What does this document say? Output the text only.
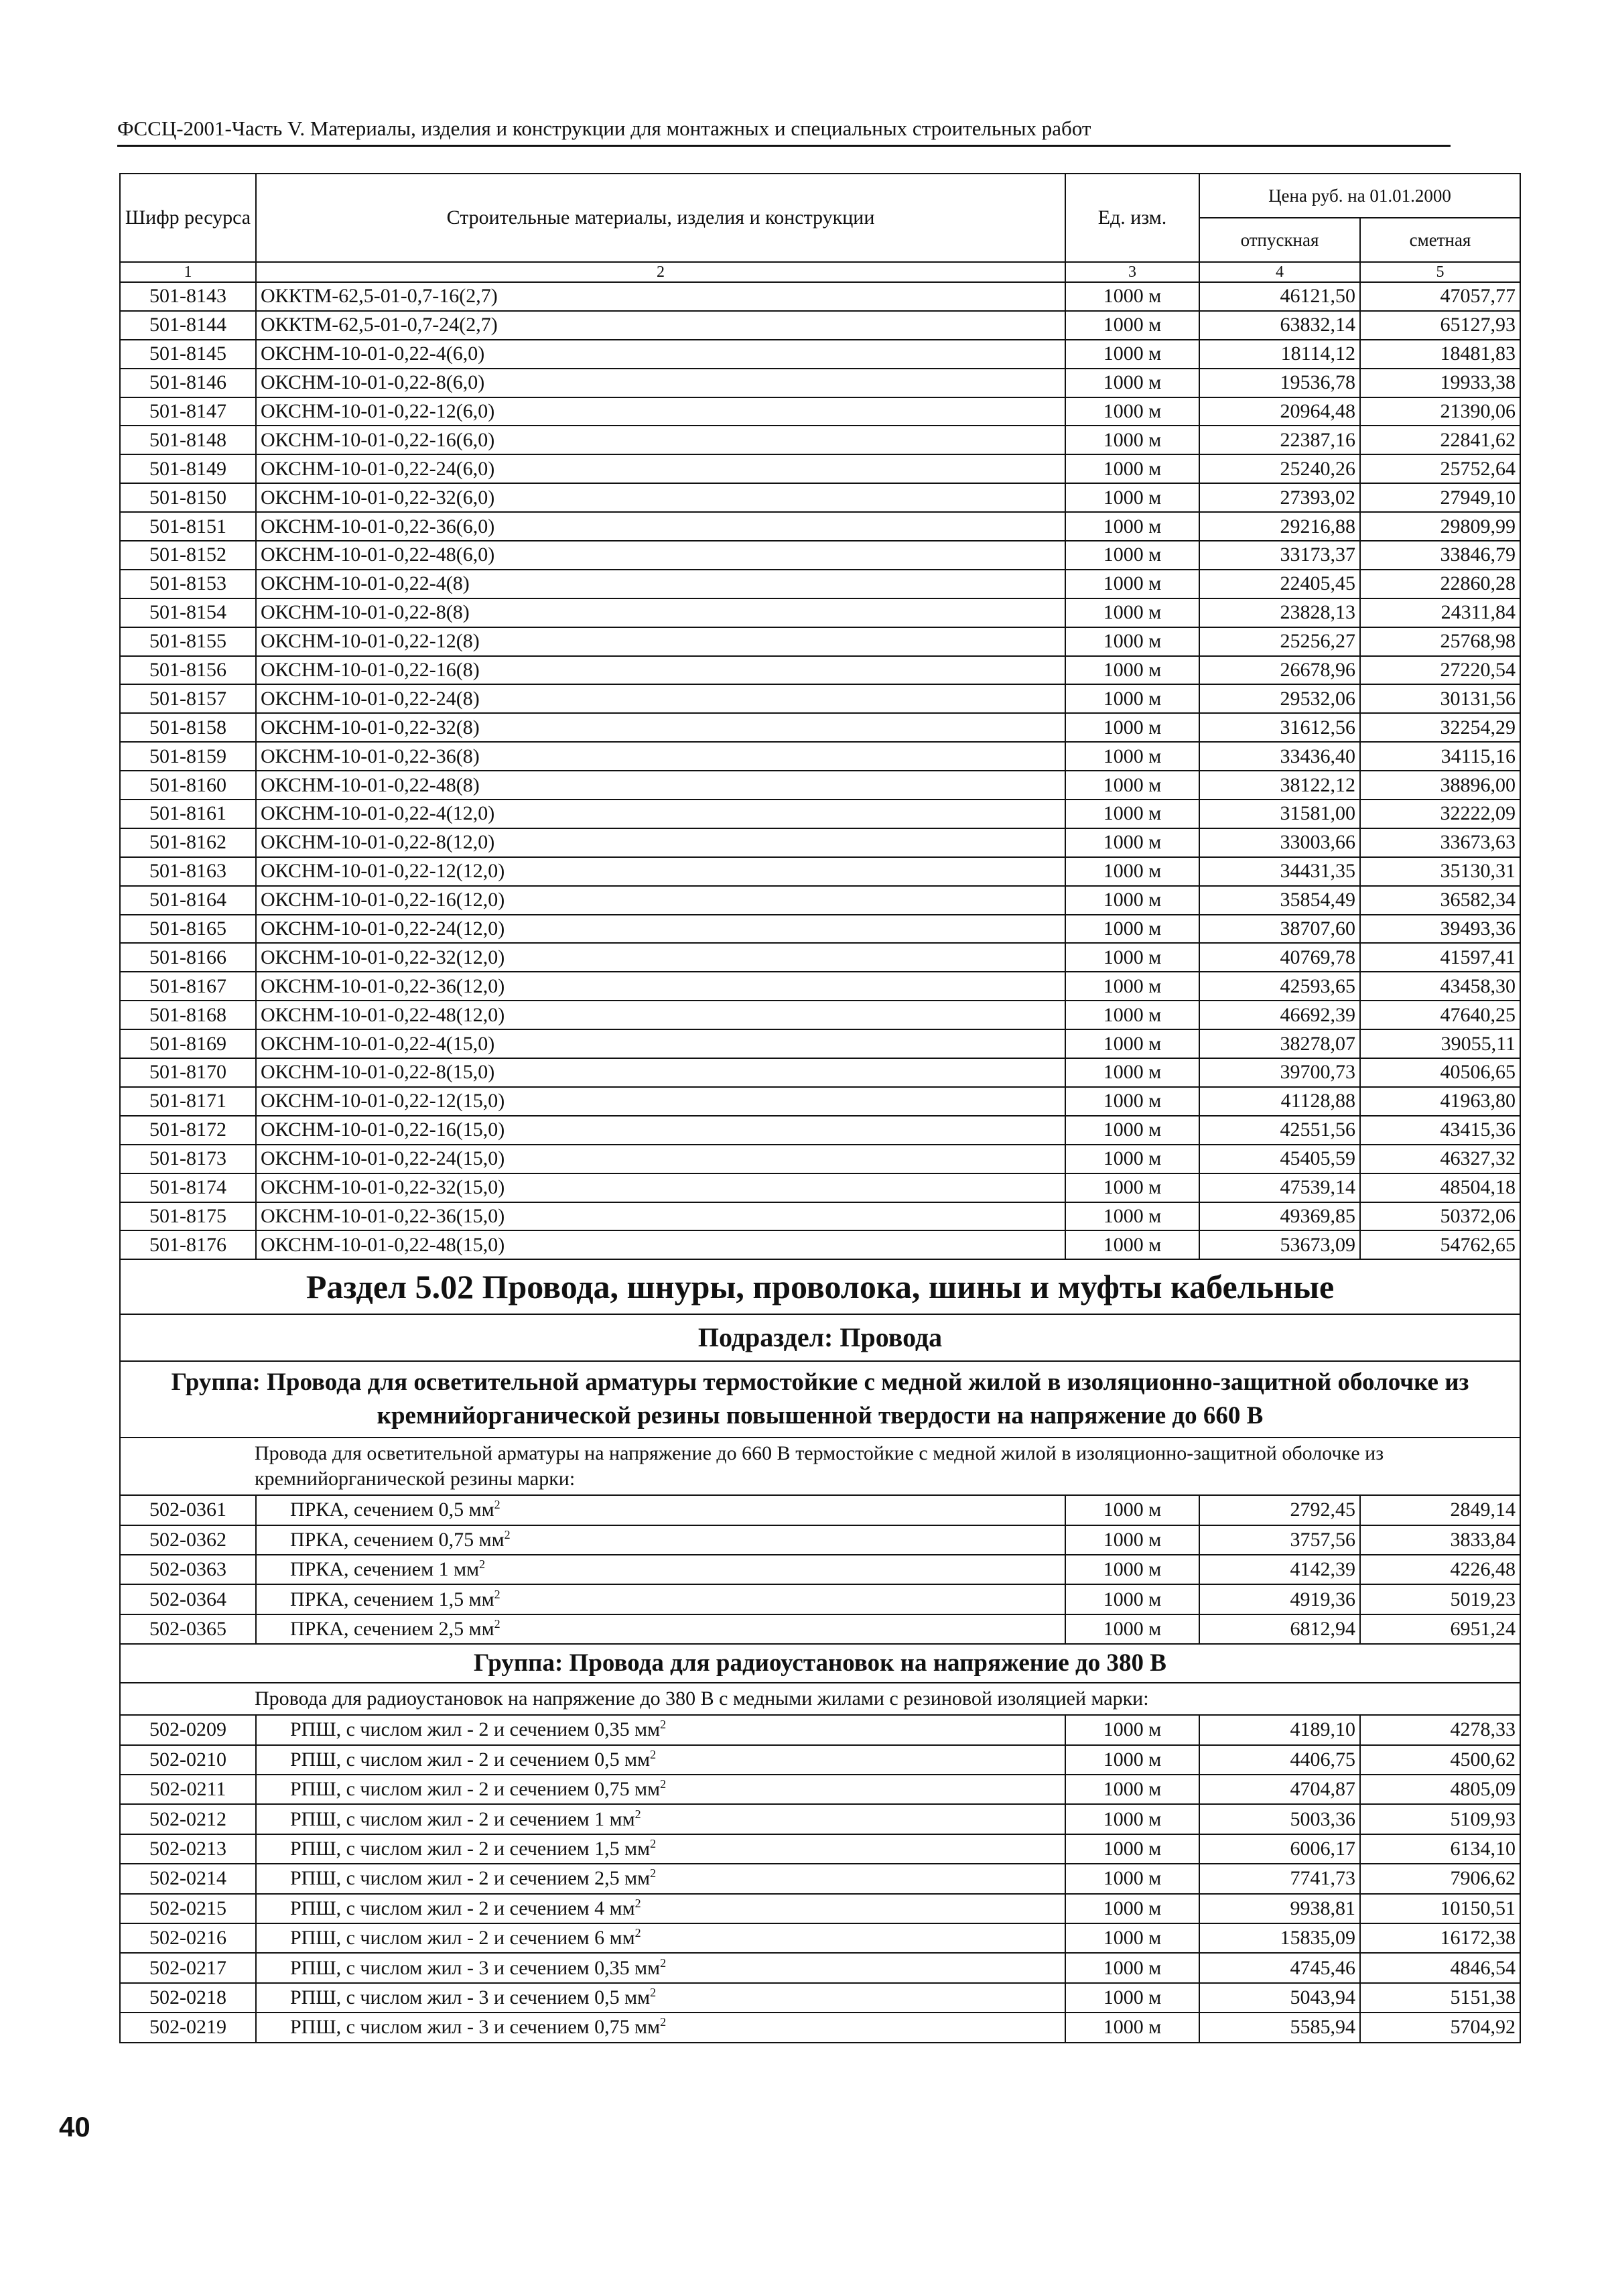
ФССЦ-2001-Часть V. Материалы, изделия и конструкции для монтажных и специальных строительных работ
Шифр ресурса	Строительные материалы, изделия и конструкции	Ед. изм.	Цена руб. на 01.01.2000	
			отпускная	сметная
1	2	3	4	5
501-8143	ОККТМ-62,5-01-0,7-16(2,7)	1000 м	46121,50	47057,77
501-8144	ОККТМ-62,5-01-0,7-24(2,7)	1000 м	63832,14	65127,93
501-8145	ОКСНМ-10-01-0,22-4(6,0)	1000 м	18114,12	18481,83
501-8146	ОКСНМ-10-01-0,22-8(6,0)	1000 м	19536,78	19933,38
501-8147	ОКСНМ-10-01-0,22-12(6,0)	1000 м	20964,48	21390,06
501-8148	ОКСНМ-10-01-0,22-16(6,0)	1000 м	22387,16	22841,62
501-8149	ОКСНМ-10-01-0,22-24(6,0)	1000 м	25240,26	25752,64
501-8150	ОКСНМ-10-01-0,22-32(6,0)	1000 м	27393,02	27949,10
501-8151	ОКСНМ-10-01-0,22-36(6,0)	1000 м	29216,88	29809,99
501-8152	ОКСНМ-10-01-0,22-48(6,0)	1000 м	33173,37	33846,79
501-8153	ОКСНМ-10-01-0,22-4(8)	1000 м	22405,45	22860,28
501-8154	ОКСНМ-10-01-0,22-8(8)	1000 м	23828,13	24311,84
501-8155	ОКСНМ-10-01-0,22-12(8)	1000 м	25256,27	25768,98
501-8156	ОКСНМ-10-01-0,22-16(8)	1000 м	26678,96	27220,54
501-8157	ОКСНМ-10-01-0,22-24(8)	1000 м	29532,06	30131,56
501-8158	ОКСНМ-10-01-0,22-32(8)	1000 м	31612,56	32254,29
501-8159	ОКСНМ-10-01-0,22-36(8)	1000 м	33436,40	34115,16
501-8160	ОКСНМ-10-01-0,22-48(8)	1000 м	38122,12	38896,00
501-8161	ОКСНМ-10-01-0,22-4(12,0)	1000 м	31581,00	32222,09
501-8162	ОКСНМ-10-01-0,22-8(12,0)	1000 м	33003,66	33673,63
501-8163	ОКСНМ-10-01-0,22-12(12,0)	1000 м	34431,35	35130,31
501-8164	ОКСНМ-10-01-0,22-16(12,0)	1000 м	35854,49	36582,34
501-8165	ОКСНМ-10-01-0,22-24(12,0)	1000 м	38707,60	39493,36
501-8166	ОКСНМ-10-01-0,22-32(12,0)	1000 м	40769,78	41597,41
501-8167	ОКСНМ-10-01-0,22-36(12,0)	1000 м	42593,65	43458,30
501-8168	ОКСНМ-10-01-0,22-48(12,0)	1000 м	46692,39	47640,25
501-8169	ОКСНМ-10-01-0,22-4(15,0)	1000 м	38278,07	39055,11
501-8170	ОКСНМ-10-01-0,22-8(15,0)	1000 м	39700,73	40506,65
501-8171	ОКСНМ-10-01-0,22-12(15,0)	1000 м	41128,88	41963,80
501-8172	ОКСНМ-10-01-0,22-16(15,0)	1000 м	42551,56	43415,36
501-8173	ОКСНМ-10-01-0,22-24(15,0)	1000 м	45405,59	46327,32
501-8174	ОКСНМ-10-01-0,22-32(15,0)	1000 м	47539,14	48504,18
501-8175	ОКСНМ-10-01-0,22-36(15,0)	1000 м	49369,85	50372,06
501-8176	ОКСНМ-10-01-0,22-48(15,0)	1000 м	53673,09	54762,65
Раздел 5.02 Провода, шнуры, проволока, шины и муфты кабельные				
Подраздел: Провода				
Группа: Провода для осветительной арматуры термостойкие с медной жилой в изоляционно-защитной оболочке из кремнийорганической резины повышенной твердости на напряжение до 660 В				
Провода для осветительной арматуры на напряжение до 660 В термостойкие с медной жилой в изоляционно-защитной оболочке из кремнийорганической резины марки:				
502-0361	ПРКА, сечением 0,5 $мм^2$	1000 м	2792,45	2849,14
502-0362	ПРКА, сечением 0,75 $мм^2$	1000 м	3757,56	3833,84
502-0363	ПРКА, сечением 1 $мм^2$	1000 м	4142,39	4226,48
502-0364	ПРКА, сечением 1,5 $мм^2$	1000 м	4919,36	5019,23
502-0365	ПРКА, сечением 2,5 $мм^2$	1000 м	6812,94	6951,24
Группа: Провода для радиоустановок на напряжение до 380 В				
Провода для радиоустановок на напряжение до 380 В с медными жилами с резиновой изоляцией марки:				
502-0209	РПШ, с числом жил - 2 и сечением 0,35 $мм^2$	1000 м	4189,10	4278,33
502-0210	РПШ, с числом жил - 2 и сечением 0,5 $мм^2$	1000 м	4406,75	4500,62
502-0211	РПШ, с числом жил - 2 и сечением 0,75 $мм^2$	1000 м	4704,87	4805,09
502-0212	РПШ, с числом жил - 2 и сечением 1 $мм^2$	1000 м	5003,36	5109,93
502-0213	РПШ, с числом жил - 2 и сечением 1,5 $мм^2$	1000 м	6006,17	6134,10
502-0214	РПШ, с числом жил - 2 и сечением 2,5 $мм^2$	1000 м	7741,73	7906,62
502-0215	РПШ, с числом жил - 2 и сечением 4 $мм^2$	1000 м	9938,81	10150,51
502-0216	РПШ, с числом жил - 2 и сечением 6 $мм^2$	1000 м	15835,09	16172,38
502-0217	РПШ, с числом жил - 3 и сечением 0,35 $мм^2$	1000 м	4745,46	4846,54
502-0218	РПШ, с числом жил - 3 и сечением 0,5 $мм^2$	1000 м	5043,94	5151,38
502-0219	РПШ, с числом жил - 3 и сечением 0,75 $мм^2$	1000 м	5585,94	5704,92
40
